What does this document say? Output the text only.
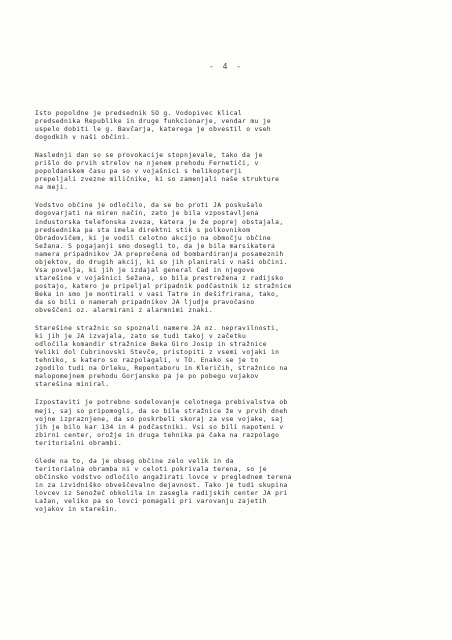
- 4 -
Isto popoldne je predsednik SO g. Vodopivec klical
predsednika Republike in druge funkcionarje, vendar mu je
uspelo dobiti le g. Bavčarja, katerega je obvestil o vseh
dogodkih v naši občini.
Naslednji dan so se provokacije stopnjevale, tako da je
prišlo do prvih strelov na njenem prehodu Fernetiči, v
popoldanskem času pa so v vojašnici s helikopterji
prepeljali zvezne miličnike, ki so zamenjali naše strukture
na meji.
Vodstvo občine je odločilo, da se bo proti JA poskušalo
dogovarjati na miren način, zato je bila vzpostavljena
industorska telefonska zveza, katera je že poprej obstajala,
predsednika pa sta imela direktni stik s polkovnikom
Obradovičem, ki je vodil celotno akcijo na območju občine
Sežana. S pogajanji smo dosegli to, da je bila marsikatera
namera pripadnikov JA preprečena od bombardiranja posameznih
objektov, do drugih akcij, ki so jih planirali v naši občini.
Vsa povelja, ki jih je izdajal general Čad in njegove
starešine v vojašnici Sežana, so bila prestrežena z radijsko
postajo, katero je pripeljal pripadnik podčastnik iz stražnice
Beka in smo je montirali v vasi Tatre in dešifrirana, tako,
da so bili o namerah pripadnikov JA ljudje pravočasno
obveščeni oz. alarmirani z alarmnimi znaki.
Starešine stražnic so spoznali namere JA oz. nepravilnosti,
ki jih je JA izvajala, zato se tudi takoj v začetku
odločila komandir stražnice Beka Ğiro Josip in stražnice
Veliki dol Čubrinovski Stevče, pristopiti z vsemi vojaki in
tehniko, s katero so razpolagali, v TO. Enako se je to
zgodilo tudi na Orleku, Repentaboru in Kleričih, stražnico na
malopomejnem prehodu Gorjansko pa je po pobegu vojakov
starešina miniral.
Izpostaviti je potrebno sodelovanje celotnega prebivalstva ob
meji, saj so pripomogli, da so bile stražnice že v prvih dneh
vojne izpraznjene, da so poskrbeli skoraj za vse vojake, saj
jih je bilo kar 134 in 4 podčastniki. Vsi so bili napoteni v
zbirni center, orožje in druga tehnika pa čaka na razpolago
teritorialni obrambi.
Glede na to, da je obseg občine zelo velik in da
teritorialna obramba ni v celoti pokrivala terena, so je
občinsko vodstvo odločilo angažirati lovce v preglednem terena
in za izvidniško obveščevalno dejavnost. Tako je tudi skupina
lovcev iz Senožeč obkolila in zasegla radijskih center JA pri
Lažan, veliko pa so lovci pomagali pri varovanju zajetih
vojakov in starešin.
